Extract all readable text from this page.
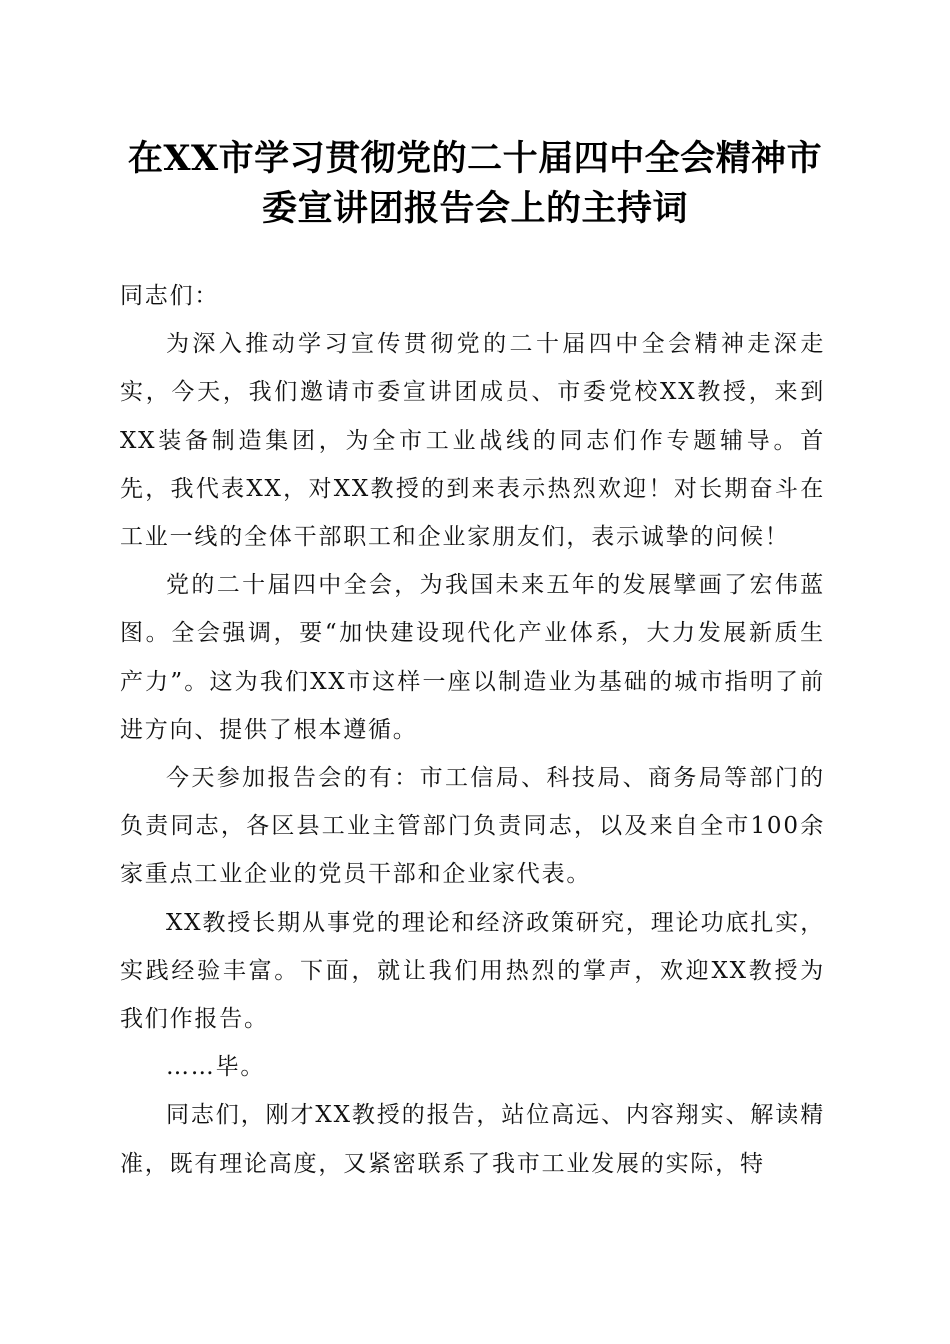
在XX市学习贯彻党的二十届四中全会精神市
委宣讲团报告会上的主持词

同志们：

为深入推动学习宣传贯彻党的二十届四中全会精神走深走实，今天，我们邀请市委宣讲团成员、市委党校XX教授，来到XX装备制造集团，为全市工业战线的同志们作专题辅导。首先，我代表XX，对XX教授的到来表示热烈欢迎！对长期奋斗在工业一线的全体干部职工和企业家朋友们，表示诚挚的问候！

党的二十届四中全会，为我国未来五年的发展擘画了宏伟蓝图。全会强调，要“加快建设现代化产业体系，大力发展新质生产力”。这为我们XX市这样一座以制造业为基础的城市指明了前进方向、提供了根本遵循。

今天参加报告会的有：市工信局、科技局、商务局等部门的负责同志，各区县工业主管部门负责同志，以及来自全市100余家重点工业企业的党员干部和企业家代表。

XX教授长期从事党的理论和经济政策研究，理论功底扎实，实践经验丰富。下面，就让我们用热烈的掌声，欢迎XX教授为我们作报告。

……毕。

同志们，刚才XX教授的报告，站位高远、内容翔实、解读精准，既有理论高度，又紧密联系了我市工业发展的实际，特
